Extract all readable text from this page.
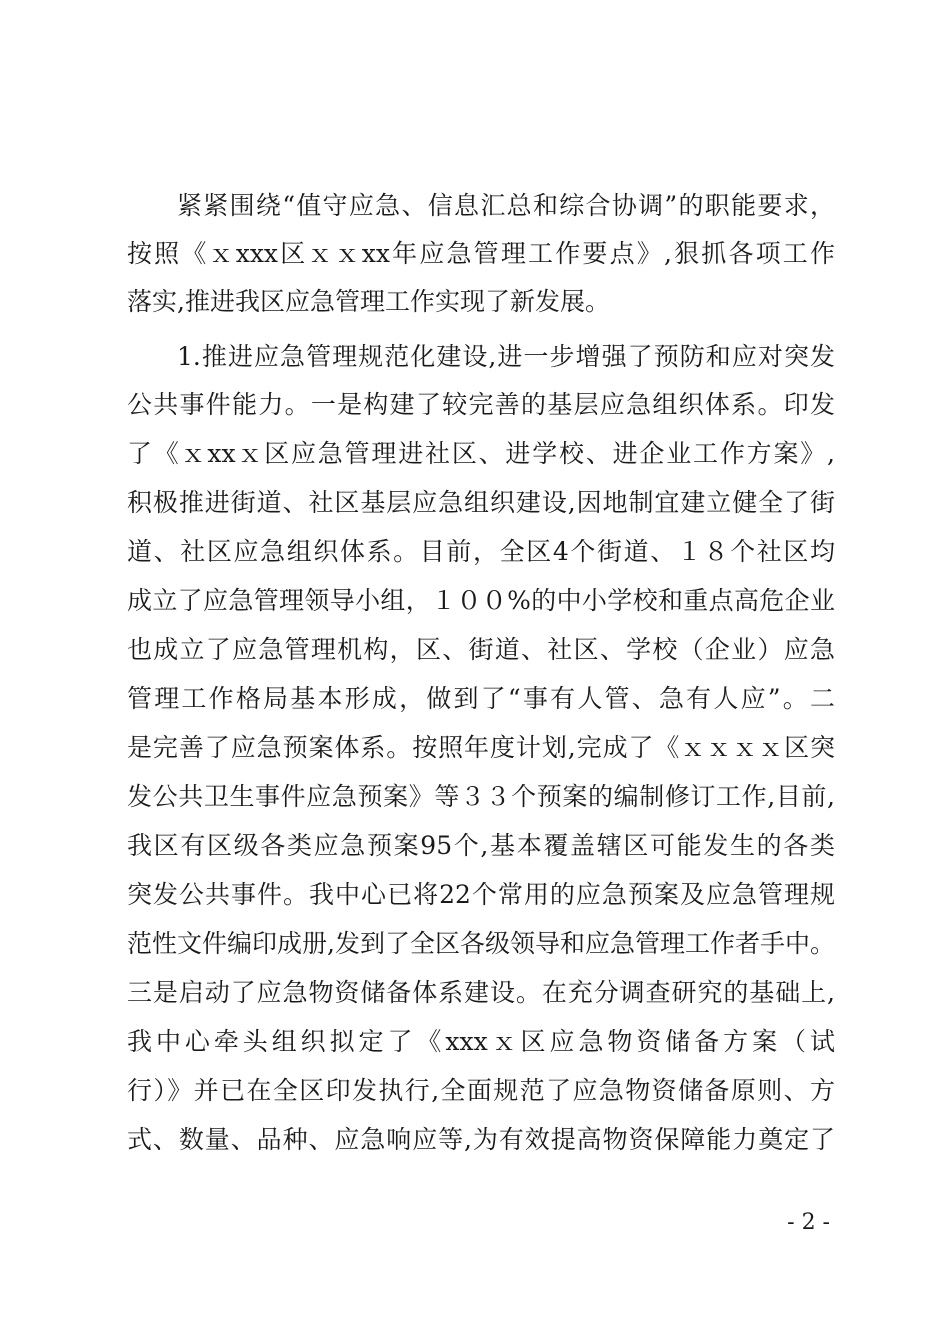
紧紧围绕“值守应急、信息汇总和综合协调”的职能要求，
按照《ｘxxx区ｘｘxx年应急管理工作要点》,狠抓各项工作
落实,推进我区应急管理工作实现了新发展。
1.推进应急管理规范化建设,进一步增强了预防和应对突发
公共事件能力。一是构建了较完善的基层应急组织体系。印发
了《ｘxxｘ区应急管理进社区、进学校、进企业工作方案》,
积极推进街道、社区基层应急组织建设,因地制宜建立健全了街
道、社区应急组织体系。目前，全区4个街道、１８个社区均
成立了应急管理领导小组，１００%的中小学校和重点高危企业
也成立了应急管理机构，区、街道、社区、学校（企业）应急
管理工作格局基本形成，做到了“事有人管、急有人应”。二
是完善了应急预案体系。按照年度计划,完成了《ｘｘｘｘ区突
发公共卫生事件应急预案》等３３个预案的编制修订工作,目前,
我区有区级各类应急预案95个,基本覆盖辖区可能发生的各类
突发公共事件。我中心已将22个常用的应急预案及应急管理规
范性文件编印成册,发到了全区各级领导和应急管理工作者手中。
三是启动了应急物资储备体系建设。在充分调查研究的基础上,
我中心牵头组织拟定了《xxxｘ区应急物资储备方案（试
行）》并已在全区印发执行,全面规范了应急物资储备原则、方
式、数量、品种、应急响应等,为有效提高物资保障能力奠定了
- 2 -
